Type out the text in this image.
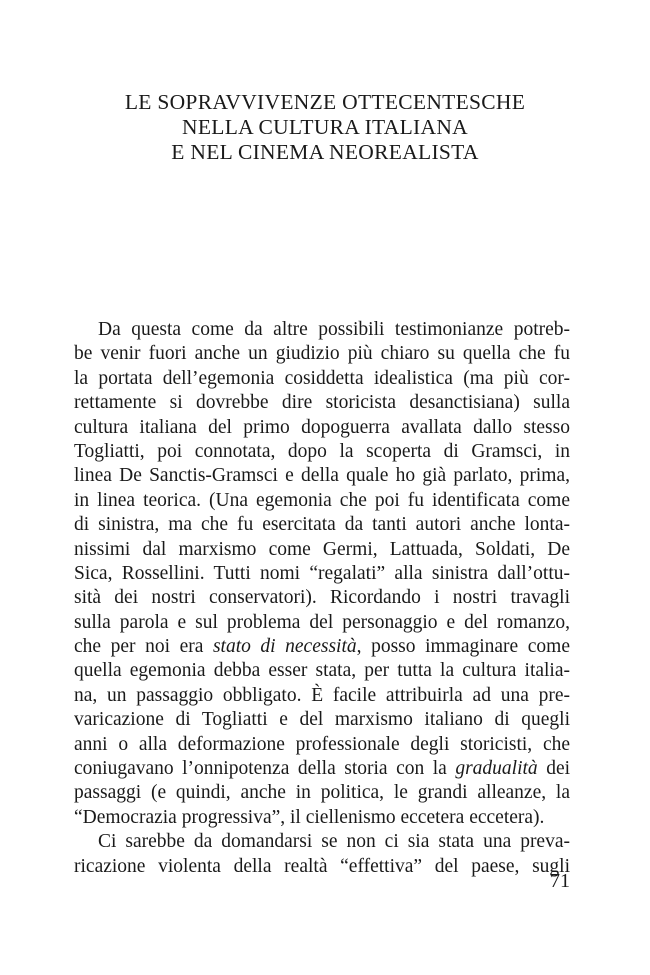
LE SOPRAVVIVENZE OTTECENTESCHE
NELLA CULTURA ITALIANA
E NEL CINEMA NEOREALISTA
Da questa come da altre possibili testimonianze potreb-
be venir fuori anche un giudizio più chiaro su quella che fu
la portata dell’egemonia cosiddetta idealistica (ma più cor-
rettamente si dovrebbe dire storicista desanctisiana) sulla
cultura italiana del primo dopoguerra avallata dallo stesso
Togliatti, poi connotata, dopo la scoperta di Gramsci, in
linea De Sanctis-Gramsci e della quale ho già parlato, prima,
in linea teorica. (Una egemonia che poi fu identificata come
di sinistra, ma che fu esercitata da tanti autori anche lonta-
nissimi dal marxismo come Germi, Lattuada, Soldati, De
Sica, Rossellini. Tutti nomi “regalati” alla sinistra dall’ottu-
sità dei nostri conservatori). Ricordando i nostri travagli
sulla parola e sul problema del personaggio e del romanzo,
che per noi era stato di necessità, posso immaginare come
quella egemonia debba esser stata, per tutta la cultura italia-
na, un passaggio obbligato. È facile attribuirla ad una pre-
varicazione di Togliatti e del marxismo italiano di quegli
anni o alla deformazione professionale degli storicisti, che
coniugavano l’onnipotenza della storia con la gradualità dei
passaggi (e quindi, anche in politica, le grandi alleanze, la
“Democrazia progressiva”, il ciellenismo eccetera eccetera).
Ci sarebbe da domandarsi se non ci sia stata una preva-
ricazione violenta della realtà “effettiva” del paese, sugli
71
